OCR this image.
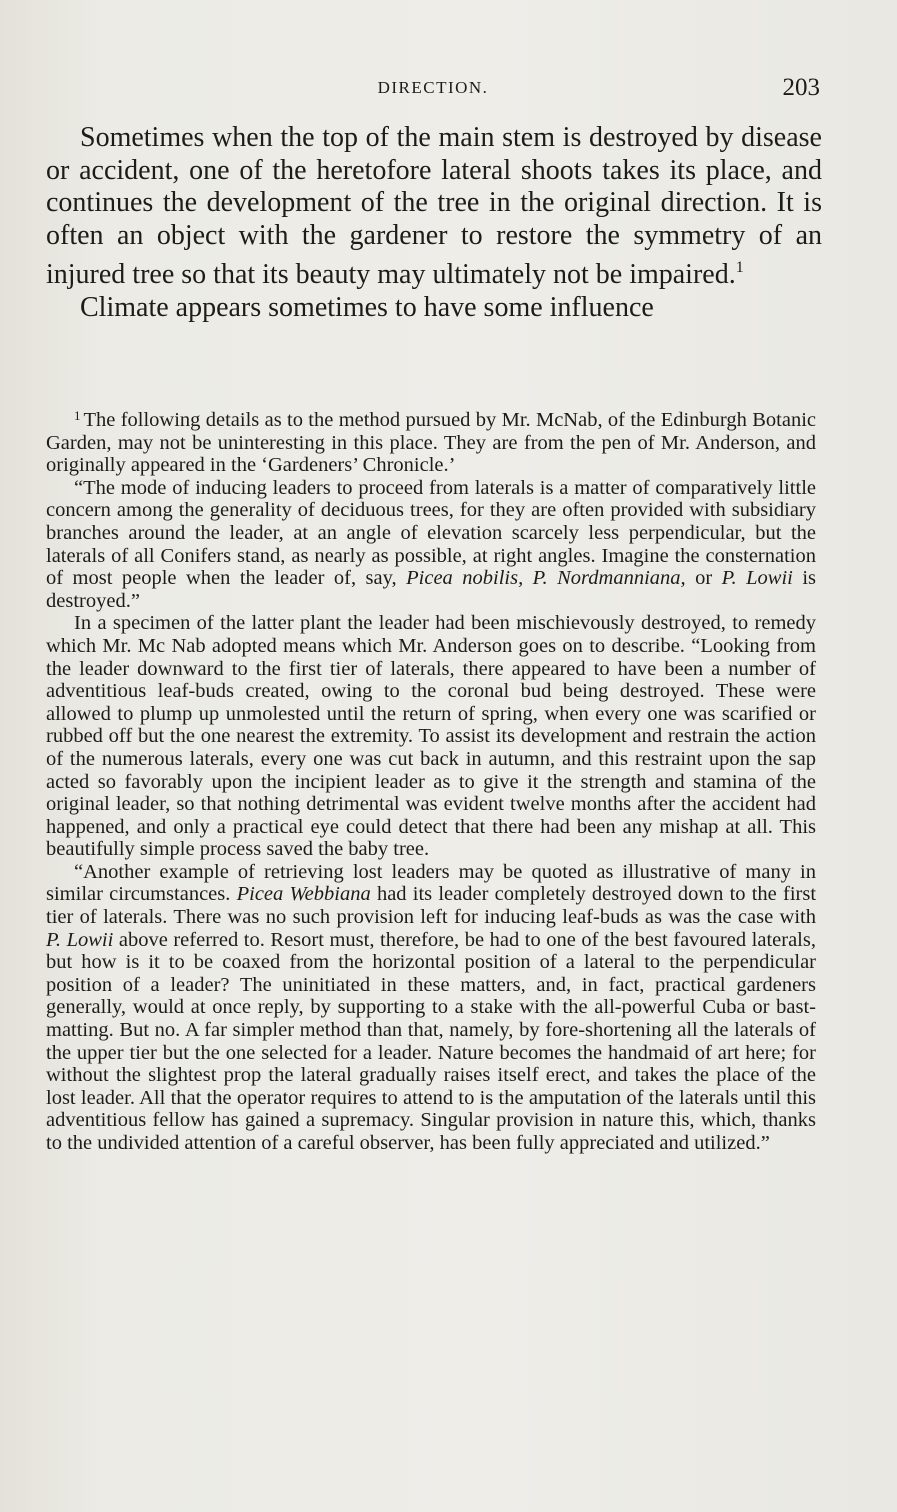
DIRECTION.	203

Sometimes when the top of the main stem is destroyed by disease or accident, one of the heretofore lateral shoots takes its place, and continues the development of the tree in the original direction. It is often an object with the gardener to restore the symmetry of an injured tree so that its beauty may ultimately not be impaired.$^1$

Climate appears sometimes to have some influence

$^1$ The following details as to the method pursued by Mr. McNab, of the Edinburgh Botanic Garden, may not be uninteresting in this place. They are from the pen of Mr. Anderson, and originally appeared in the ‘Gardeners’ Chronicle.’

“The mode of inducing leaders to proceed from laterals is a matter of comparatively little concern among the generality of deciduous trees, for they are often provided with subsidiary branches around the leader, at an angle of elevation scarcely less perpendicular, but the laterals of all Conifers stand, as nearly as possible, at right angles. Imagine the consternation of most people when the leader of, say, Picea nobilis, P. Nordmanniana, or P. Lowii is destroyed.”

In a specimen of the latter plant the leader had been mischievously destroyed, to remedy which Mr. Mc Nab adopted means which Mr. Anderson goes on to describe. “Looking from the leader downward to the first tier of laterals, there appeared to have been a number of adventitious leaf-buds created, owing to the coronal bud being destroyed. These were allowed to plump up unmolested until the return of spring, when every one was scarified or rubbed off but the one nearest the extremity. To assist its development and restrain the action of the numerous laterals, every one was cut back in autumn, and this restraint upon the sap acted so favorably upon the incipient leader as to give it the strength and stamina of the original leader, so that nothing detrimental was evident twelve months after the accident had happened, and only a practical eye could detect that there had been any mishap at all. This beautifully simple process saved the baby tree.

“Another example of retrieving lost leaders may be quoted as illustrative of many in similar circumstances. Picea Webbiana had its leader completely destroyed down to the first tier of laterals. There was no such provision left for inducing leaf-buds as was the case with P. Lowii above referred to. Resort must, therefore, be had to one of the best favoured laterals, but how is it to be coaxed from the horizontal position of a lateral to the perpendicular position of a leader? The uninitiated in these matters, and, in fact, practical gardeners generally, would at once reply, by supporting to a stake with the all-powerful Cuba or bast-matting. But no. A far simpler method than that, namely, by fore-shortening all the laterals of the upper tier but the one selected for a leader. Nature becomes the handmaid of art here; for without the slightest prop the lateral gradually raises itself erect, and takes the place of the lost leader. All that the operator requires to attend to is the amputation of the laterals until this adventitious fellow has gained a supremacy. Singular provision in nature this, which, thanks to the undivided attention of a careful observer, has been fully appreciated and utilized.”
